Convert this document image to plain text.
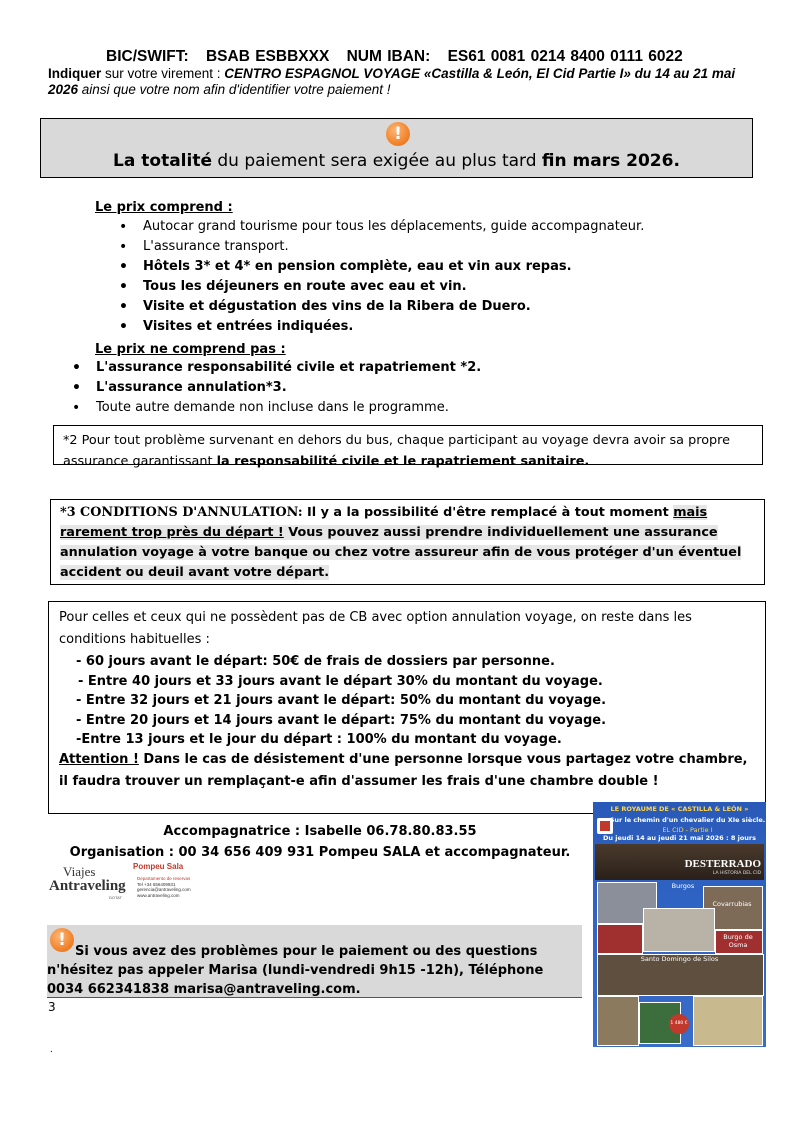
BIC/SWIFT: BSAB ESBBXXX NUM IBAN: ES61 0081 0214 8400 0111 6022
Indiquer sur votre virement : CENTRO ESPAGNOL VOYAGE «Castilla & León, El Cid Partie I» du 14 au 21 mai 2026 ainsi que votre nom afin d'identifier votre paiement !
!
La totalité du paiement sera exigée au plus tard fin mars 2026.
Le prix comprend :
• Autocar grand tourisme pour tous les déplacements, guide accompagnateur.
• L'assurance transport.
• Hôtels 3* et 4* en pension complète, eau et vin aux repas.
• Tous les déjeuners en route avec eau et vin.
• Visite et dégustation des vins de la Ribera de Duero.
• Visites et entrées indiquées.
Le prix ne comprend pas :
• L'assurance responsabilité civile et rapatriement *2.
• L'assurance annulation*3.
• Toute autre demande non incluse dans le programme.
*2 Pour tout problème survenant en dehors du bus, chaque participant au voyage devra avoir sa propre assurance garantissant la responsabilité civile et le rapatriement sanitaire.
*3 CONDITIONS D'ANNULATION: Il y a la possibilité d'être remplacé à tout moment mais rarement trop près du départ ! Vous pouvez aussi prendre individuellement une assurance annulation voyage à votre banque ou chez votre assureur afin de vous protéger d'un éventuel accident ou deuil avant votre départ.
Pour celles et ceux qui ne possèdent pas de CB avec option annulation voyage, on reste dans les conditions habituelles :
- 60 jours avant le départ: 50€ de frais de dossiers par personne.
- Entre 40 jours et 33 jours avant le départ 30% du montant du voyage.
- Entre 32 jours et 21 jours avant le départ: 50% du montant du voyage.
- Entre 20 jours et 14 jours avant le départ: 75% du montant du voyage.
-Entre 13 jours et le jour du départ : 100% du montant du voyage.
Attention ! Dans le cas de désistement d'une personne lorsque vous partagez votre chambre, il faudra trouver un remplaçant-e afin d'assumer les frais d'une chambre double !
Accompagnatrice : Isabelle 06.78.80.83.55
Organisation : 00 34 656 409 931 Pompeu SALA et accompagnateur.
Viajes
Antraveling
DOTAT
Pompeu Sala
Departamento de reservas
Tel +34 656409931
gerencia@antraveling.com
www.antraveling.com
!
Si vous avez des problèmes pour le paiement ou des questions n'hésitez pas appeler Marisa (lundi-vendredi 9h15 -12h), Téléphone 0034 662341838 marisa@antraveling.com.
3
.
LE ROYAUME DE « CASTILLA & LEÓN »
Sur le chemin d'un chevalier du XIe siècle.
EL CID - Partie I
Du jeudi 14 au jeudi 21 mai 2026 : 8 jours
DESTERRADO
LA HISTORIA DEL CID
Burgos
Covarrubias
Burgo de Osma
Santo Domingo de Silos
1 480 €
